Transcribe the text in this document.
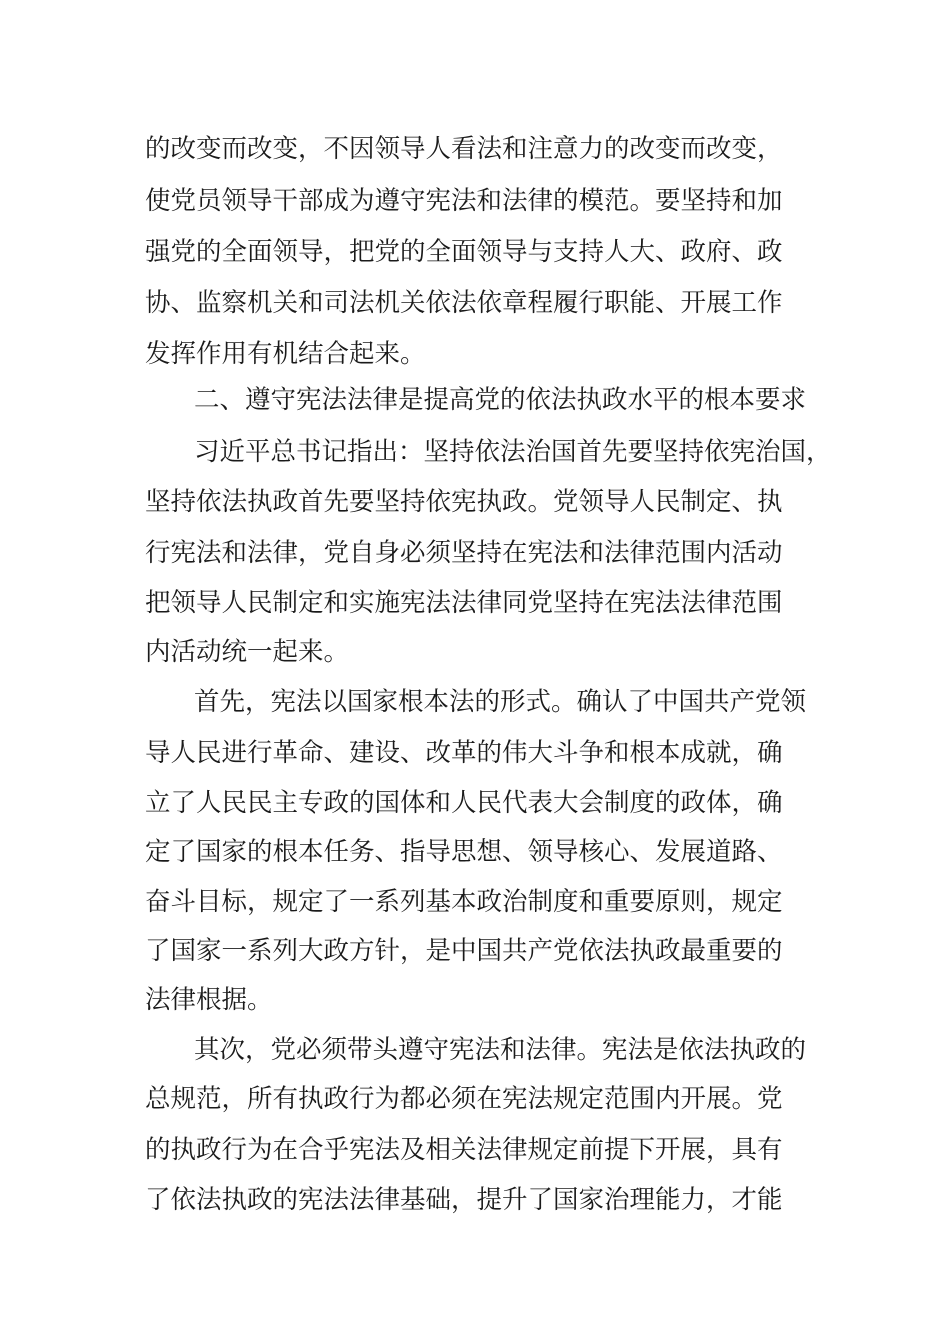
的改变而改变，不因领导人看法和注意力的改变而改变，
使党员领导干部成为遵守宪法和法律的模范。要坚持和加
强党的全面领导，把党的全面领导与支持人大、政府、政
协、监察机关和司法机关依法依章程履行职能、开展工作
发挥作用有机结合起来。
二、遵守宪法法律是提高党的依法执政水平的根本要求
习近平总书记指出：坚持依法治国首先要坚持依宪治国，
坚持依法执政首先要坚持依宪执政。党领导人民制定、执
行宪法和法律，党自身必须坚持在宪法和法律范围内活动
把领导人民制定和实施宪法法律同党坚持在宪法法律范围
内活动统一起来。
首先，宪法以国家根本法的形式。确认了中国共产党领
导人民进行革命、建设、改革的伟大斗争和根本成就，确
立了人民民主专政的国体和人民代表大会制度的政体，确
定了国家的根本任务、指导思想、领导核心、发展道路、
奋斗目标，规定了一系列基本政治制度和重要原则，规定
了国家一系列大政方针，是中国共产党依法执政最重要的
法律根据。
其次，党必须带头遵守宪法和法律。宪法是依法执政的
总规范，所有执政行为都必须在宪法规定范围内开展。党
的执政行为在合乎宪法及相关法律规定前提下开展，具有
了依法执政的宪法法律基础，提升了国家治理能力，才能
